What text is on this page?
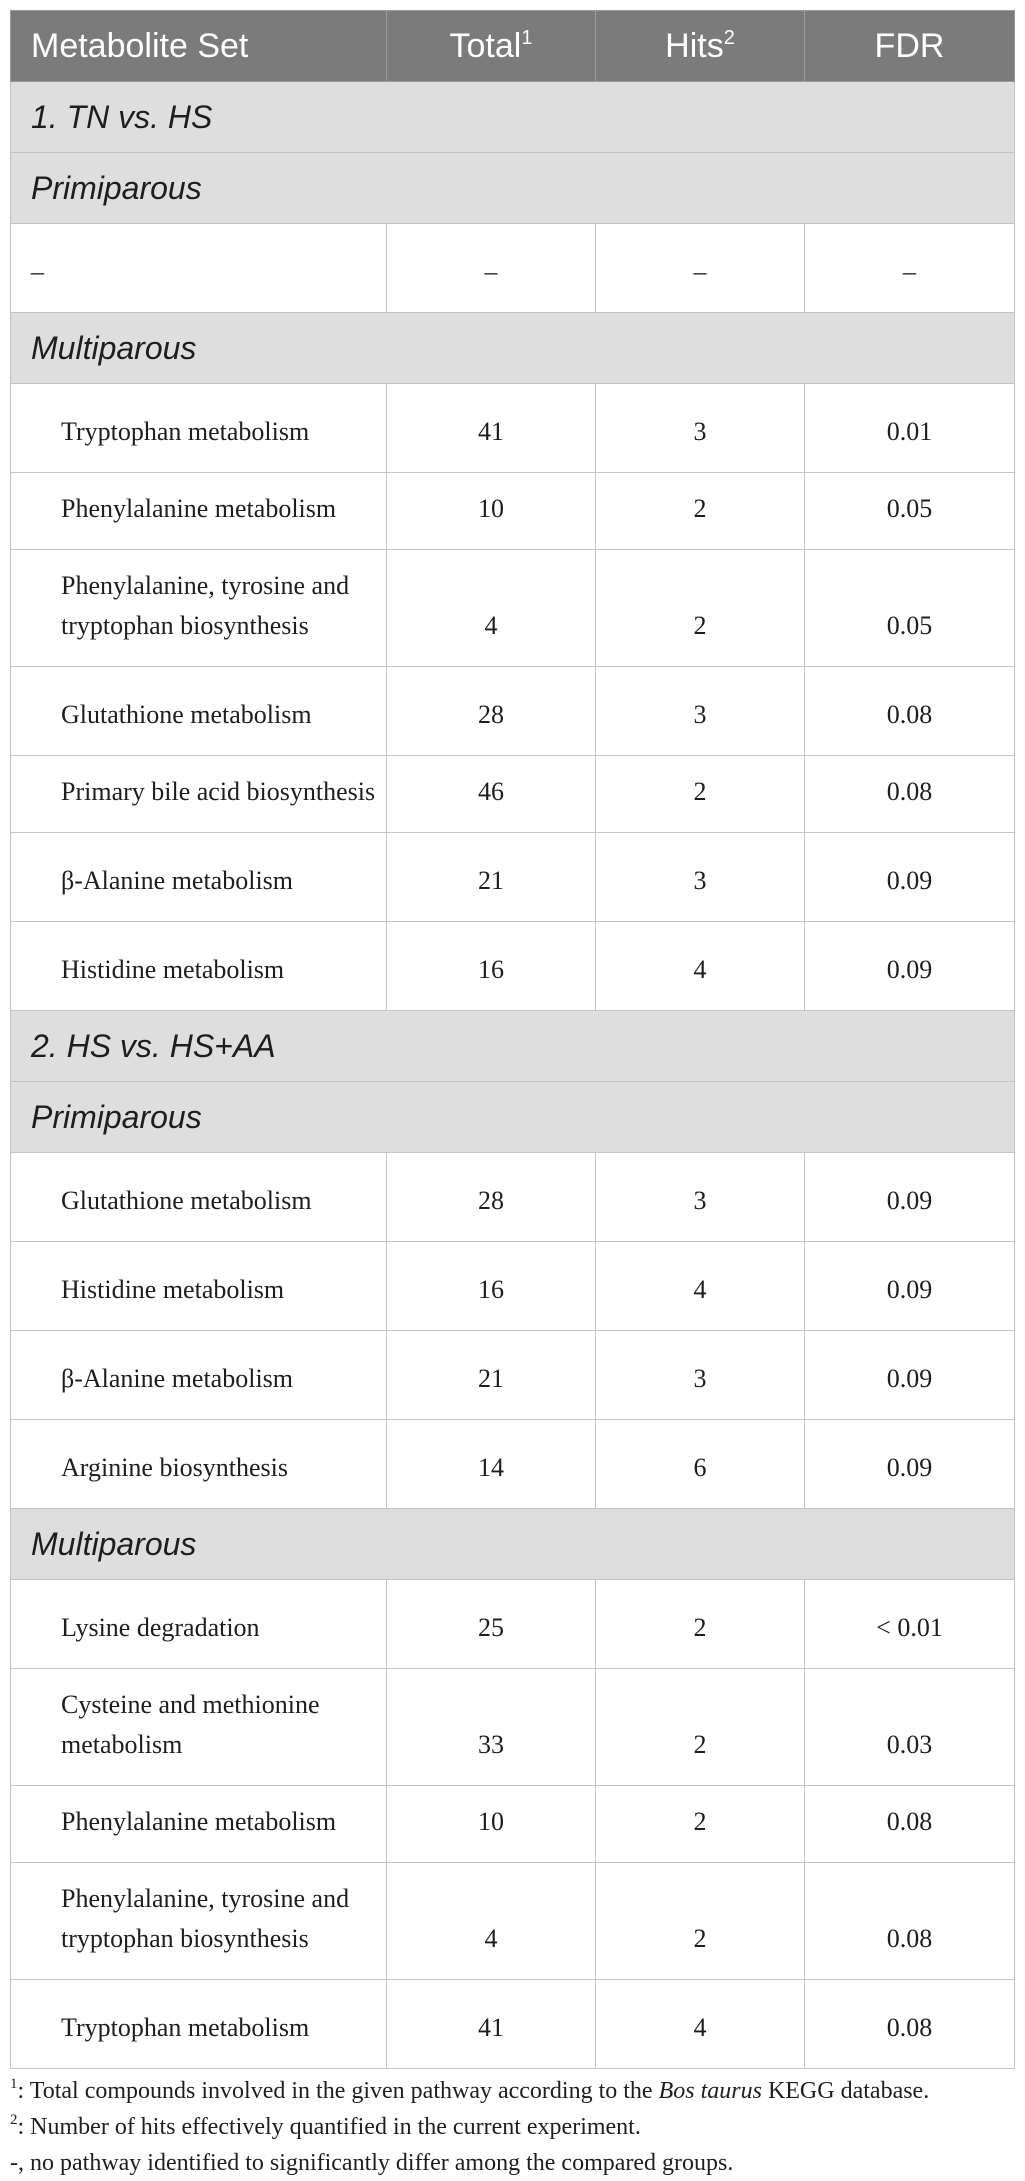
Metabolite Set	Total$^1$	Hits$^2$	FDR
1. TN vs. HS			
Primiparous			
–	–	–	–
Multiparous			
Tryptophan metabolism	41	3	0.01
Phenylalanine metabolism	10	2	0.05
Phenylalanine, tyrosine and tryptophan biosynthesis	4	2	0.05
Glutathione metabolism	28	3	0.08
Primary bile acid biosynthesis	46	2	0.08
β-Alanine metabolism	21	3	0.09
Histidine metabolism	16	4	0.09
2. HS vs. HS+AA			
Primiparous			
Glutathione metabolism	28	3	0.09
Histidine metabolism	16	4	0.09
β-Alanine metabolism	21	3	0.09
Arginine biosynthesis	14	6	0.09
Multiparous			
Lysine degradation	25	2	< 0.01
Cysteine and methionine metabolism	33	2	0.03
Phenylalanine metabolism	10	2	0.08
Phenylalanine, tyrosine and tryptophan biosynthesis	4	2	0.08
Tryptophan metabolism	41	4	0.08

$^1$: Total compounds involved in the given pathway according to the Bos taurus KEGG database.

$^2$: Number of hits effectively quantified in the current experiment.

-, no pathway identified to significantly differ among the compared groups.
